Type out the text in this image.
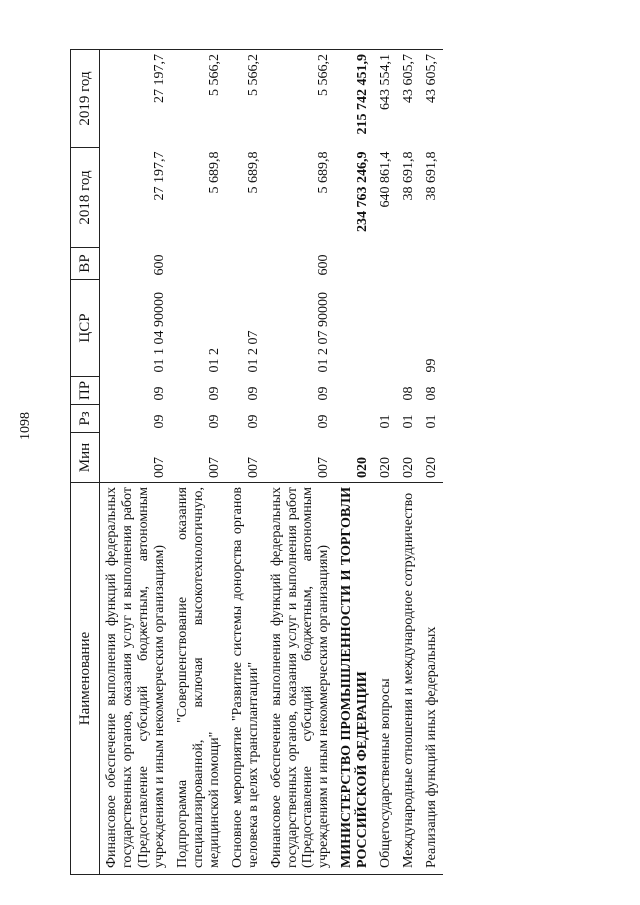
1098
Наименование	Мин	Рз	ПР	ЦСР	ВР	2018 год	2019 год
Финансовое обеспечение выполнения функций федеральных государственных органов, оказания услуг и выполнения работ (Предоставление субсидий бюджетным, автономным учреждениям и иным некоммерческим организациям)	007	09	09	01 1 04 90000	600	27 197,7	27 197,7
Подпрограмма "Совершенствование оказания специализированной, включая высокотехнологичную, медицинской помощи"	007	09	09	01 2		5 689,8	5 566,2
Основное мероприятие "Развитие системы донорства органов человека в целях трансплантации"	007	09	09	01 2 07		5 689,8	5 566,2
Финансовое обеспечение выполнения функций федеральных государственных органов, оказания услуг и выполнения работ (Предоставление субсидий бюджетным, автономным учреждениям и иным некоммерческим организациям)	007	09	09	01 2 07 90000	600	5 689,8	5 566,2
МИНИСТЕРСТВО ПРОМЫШЛЕННОСТИ И ТОРГОВЛИ РОССИЙСКОЙ ФЕДЕРАЦИИ	020					234 763 246,9	215 742 451,9
Общегосударственные вопросы	020	01				640 861,4	643 554,1
Международные отношения и международное сотрудничество	020	01	08			38 691,8	43 605,7
Реализация функций иных федеральных	020	01	08	99		38 691,8	43 605,7
